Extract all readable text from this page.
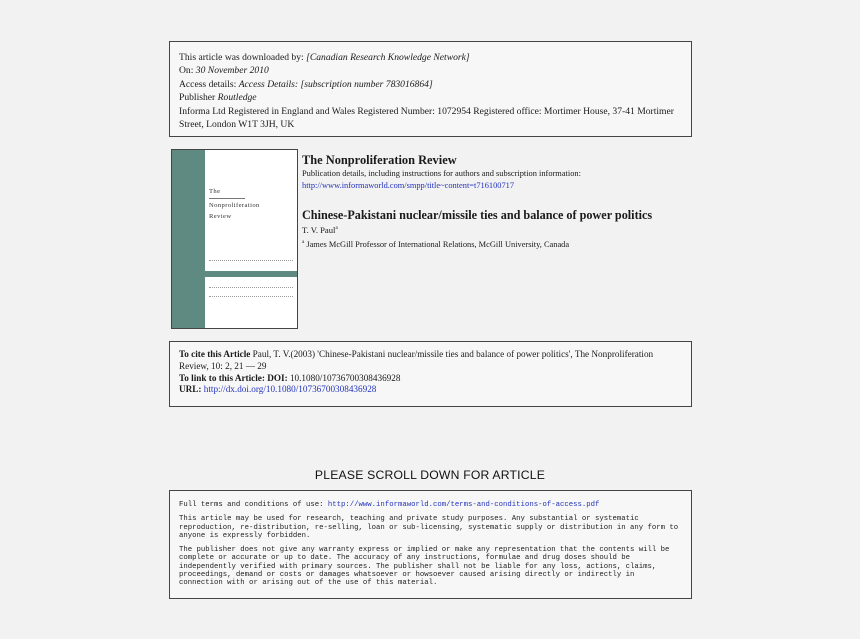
This article was downloaded by: [Canadian Research Knowledge Network]
On: 30 November 2010
Access details: Access Details: [subscription number 783016864]
Publisher Routledge
Informa Ltd Registered in England and Wales Registered Number: 1072954 Registered office: Mortimer House, 37-41 Mortimer Street, London W1T 3JH, UK
The
Nonproliferation
Review
The Nonproliferation Review
Publication details, including instructions for authors and subscription information:
http://www.informaworld.com/smpp/title~content=t716100717
Chinese-Pakistani nuclear/missile ties and balance of power politics
T. V. Paul$^a$
$^a$ James McGill Professor of International Relations, McGill University, Canada
To cite this Article Paul, T. V.(2003) 'Chinese-Pakistani nuclear/missile ties and balance of power politics', The Nonproliferation Review, 10: 2, 21 — 29
To link to this Article: DOI: 10.1080/10736700308436928
URL: http://dx.doi.org/10.1080/10736700308436928
PLEASE SCROLL DOWN FOR ARTICLE

Full terms and conditions of use: http://www.informaworld.com/terms-and-conditions-of-access.pdf

This article may be used for research, teaching and private study purposes. Any substantial or systematic reproduction, re-distribution, re-selling, loan or sub-licensing, systematic supply or distribution in any form to anyone is expressly forbidden.

The publisher does not give any warranty express or implied or make any representation that the contents will be complete or accurate or up to date. The accuracy of any instructions, formulae and drug doses should be independently verified with primary sources. The publisher shall not be liable for any loss, actions, claims, proceedings, demand or costs or damages whatsoever or howsoever caused arising directly or indirectly in connection with or arising out of the use of this material.
